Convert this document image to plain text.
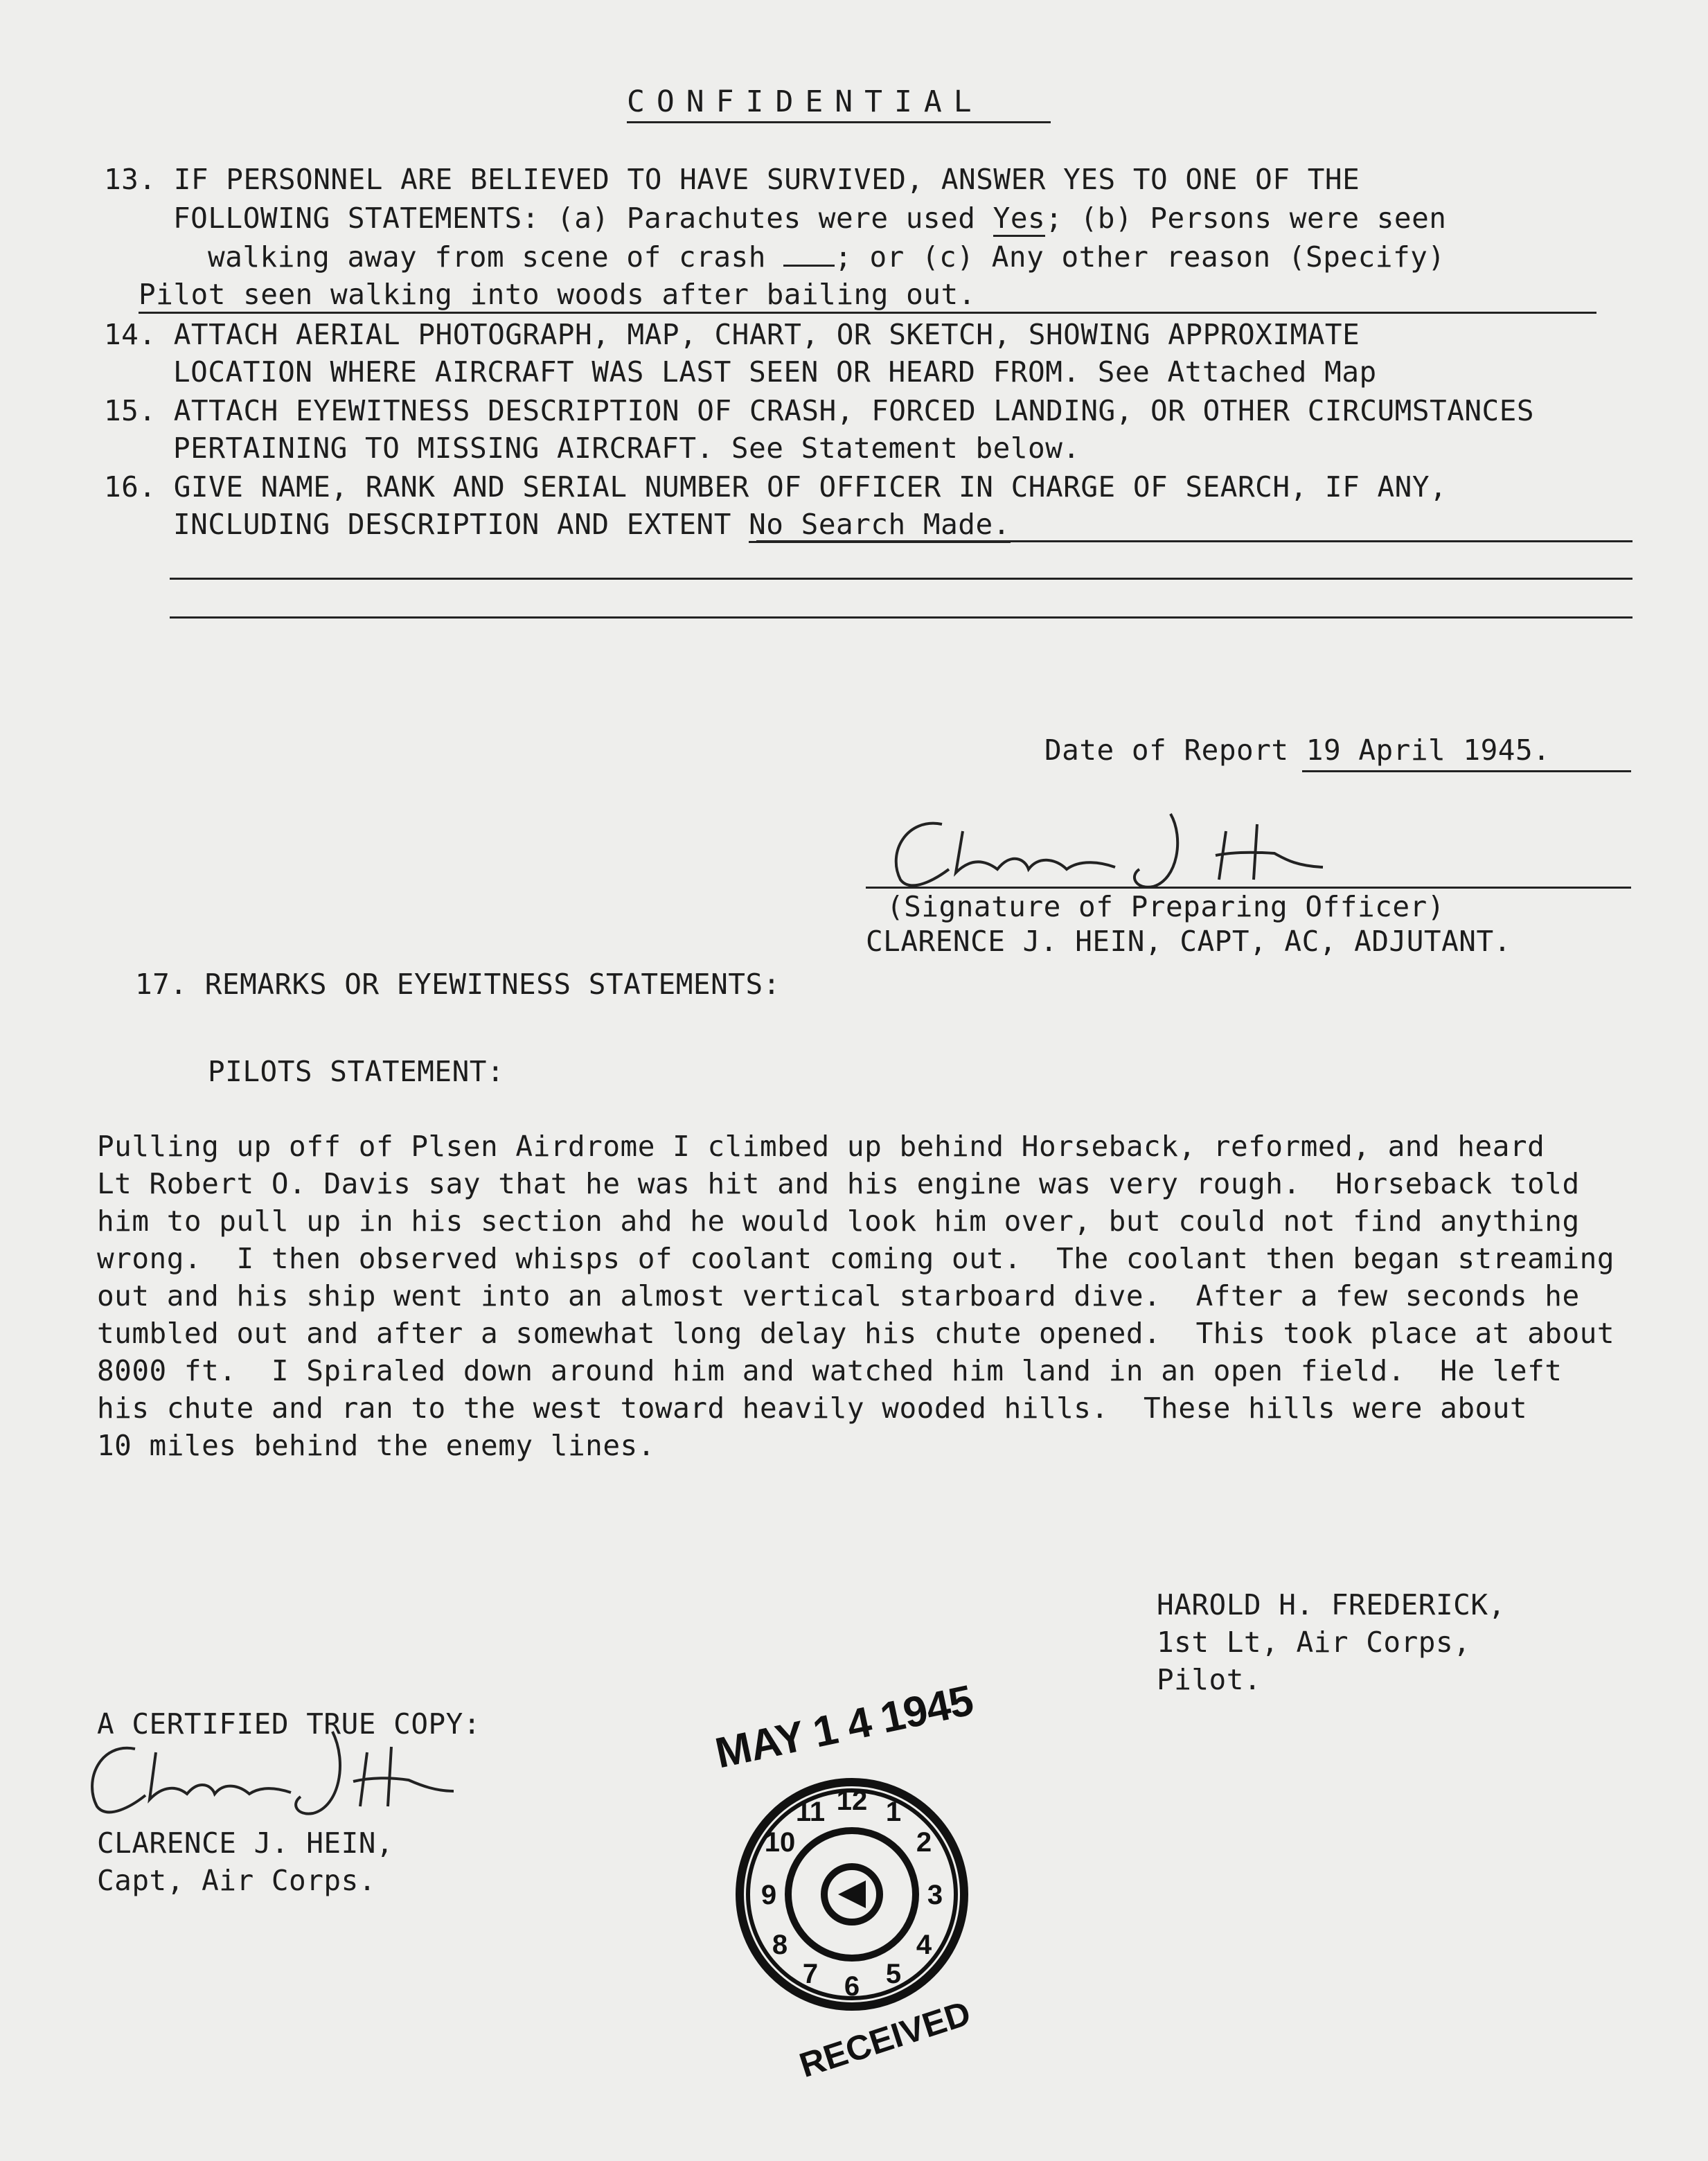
CONFIDENTIAL
13. IF PERSONNEL ARE BELIEVED TO HAVE SURVIVED, ANSWER YES TO ONE OF THE
FOLLOWING STATEMENTS: (a) Parachutes were used Yes; (b) Persons were seen
walking away from scene of crash ; or (c) Any other reason (Specify)
Pilot seen walking into woods after bailing out.
14. ATTACH AERIAL PHOTOGRAPH, MAP, CHART, OR SKETCH, SHOWING APPROXIMATE
LOCATION WHERE AIRCRAFT WAS LAST SEEN OR HEARD FROM. See Attached Map
15. ATTACH EYEWITNESS DESCRIPTION OF CRASH, FORCED LANDING, OR OTHER CIRCUMSTANCES
PERTAINING TO MISSING AIRCRAFT. See Statement below.
16. GIVE NAME, RANK AND SERIAL NUMBER OF OFFICER IN CHARGE OF SEARCH, IF ANY,
INCLUDING DESCRIPTION AND EXTENT No Search Made.
Date of Report 19 April 1945.
(Signature of Preparing Officer)
CLARENCE J. HEIN, CAPT, AC, ADJUTANT.
17. REMARKS OR EYEWITNESS STATEMENTS:
PILOTS STATEMENT:
Pulling up off of Plsen Airdrome I climbed up behind Horseback, reformed, and heard
Lt Robert O. Davis say that he was hit and his engine was very rough.  Horseback told
him to pull up in his section ahd he would look him over, but could not find anything
wrong.  I then observed whisps of coolant coming out.  The coolant then began streaming
out and his ship went into an almost vertical starboard dive.  After a few seconds he
tumbled out and after a somewhat long delay his chute opened.  This took place at about
8000 ft.  I Spiraled down around him and watched him land in an open field.  He left
his chute and ran to the west toward heavily wooded hills.  These hills were about
10 miles behind the enemy lines.
HAROLD H. FREDERICK,
1st Lt, Air Corps,
Pilot.
A CERTIFIED TRUE COPY:
CLARENCE J. HEIN,
Capt, Air Corps.
MAY 1 4 1945
12 1
2
3
4
5
6
7
8
9
10
11
RECEIVED
